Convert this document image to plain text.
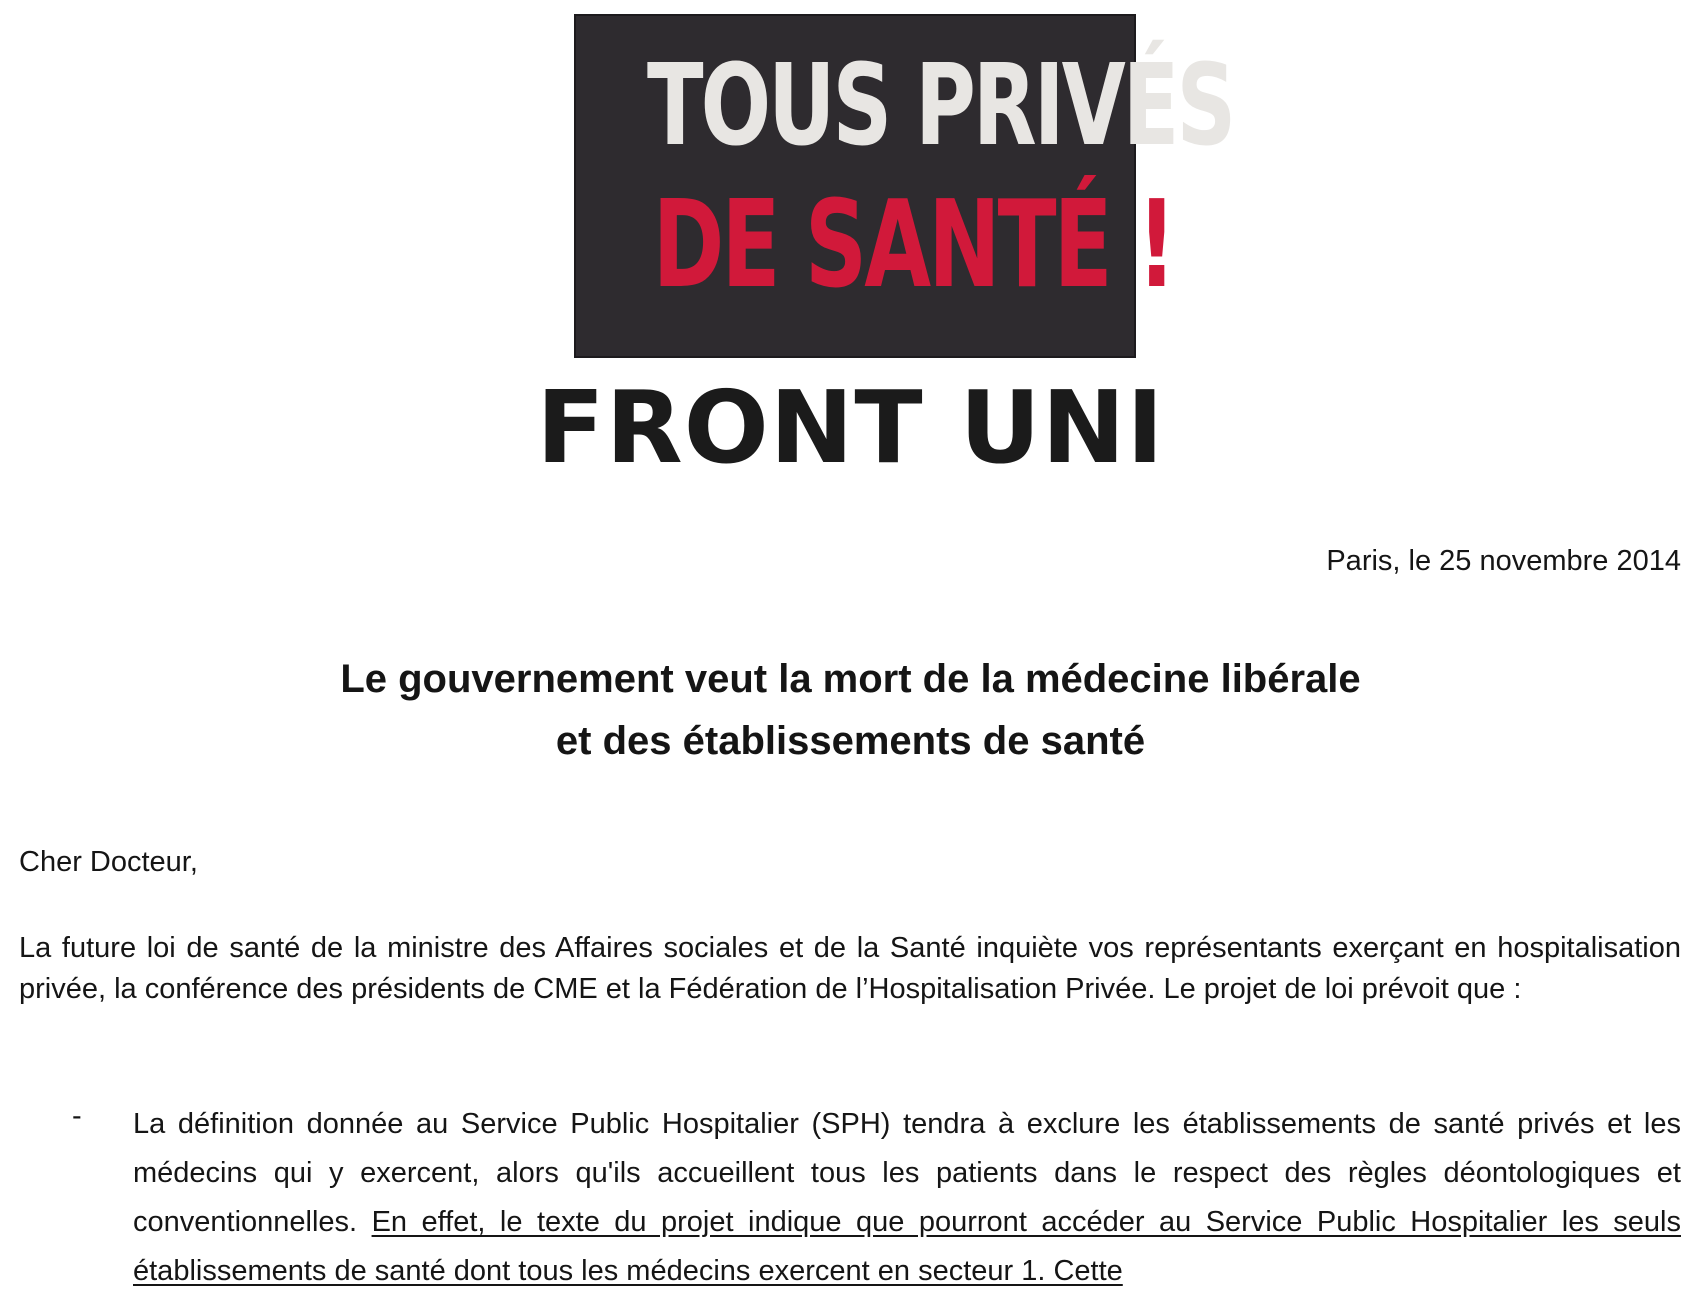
TOUS PRIVÉS
DE SANTÉ !
FRONT UNI
Paris, le 25 novembre 2014
Le gouvernement veut la mort de la médecine libérale
et des établissements de santé
Cher Docteur,
La future loi de santé de la ministre des Affaires sociales et de la Santé inquiète vos représentants exerçant en hospitalisation privée, la conférence des présidents de CME et la Fédération de l’Hospitalisation Privée. Le projet de loi prévoit que :
- La définition donnée au Service Public Hospitalier (SPH) tendra à exclure les établissements de santé privés et les médecins qui y exercent, alors qu'ils accueillent tous les patients dans le respect des règles déontologiques et conventionnelles. En effet, le texte du projet indique que pourront accéder au Service Public Hospitalier les seuls établissements de santé dont tous les médecins exercent en secteur 1. Cette
